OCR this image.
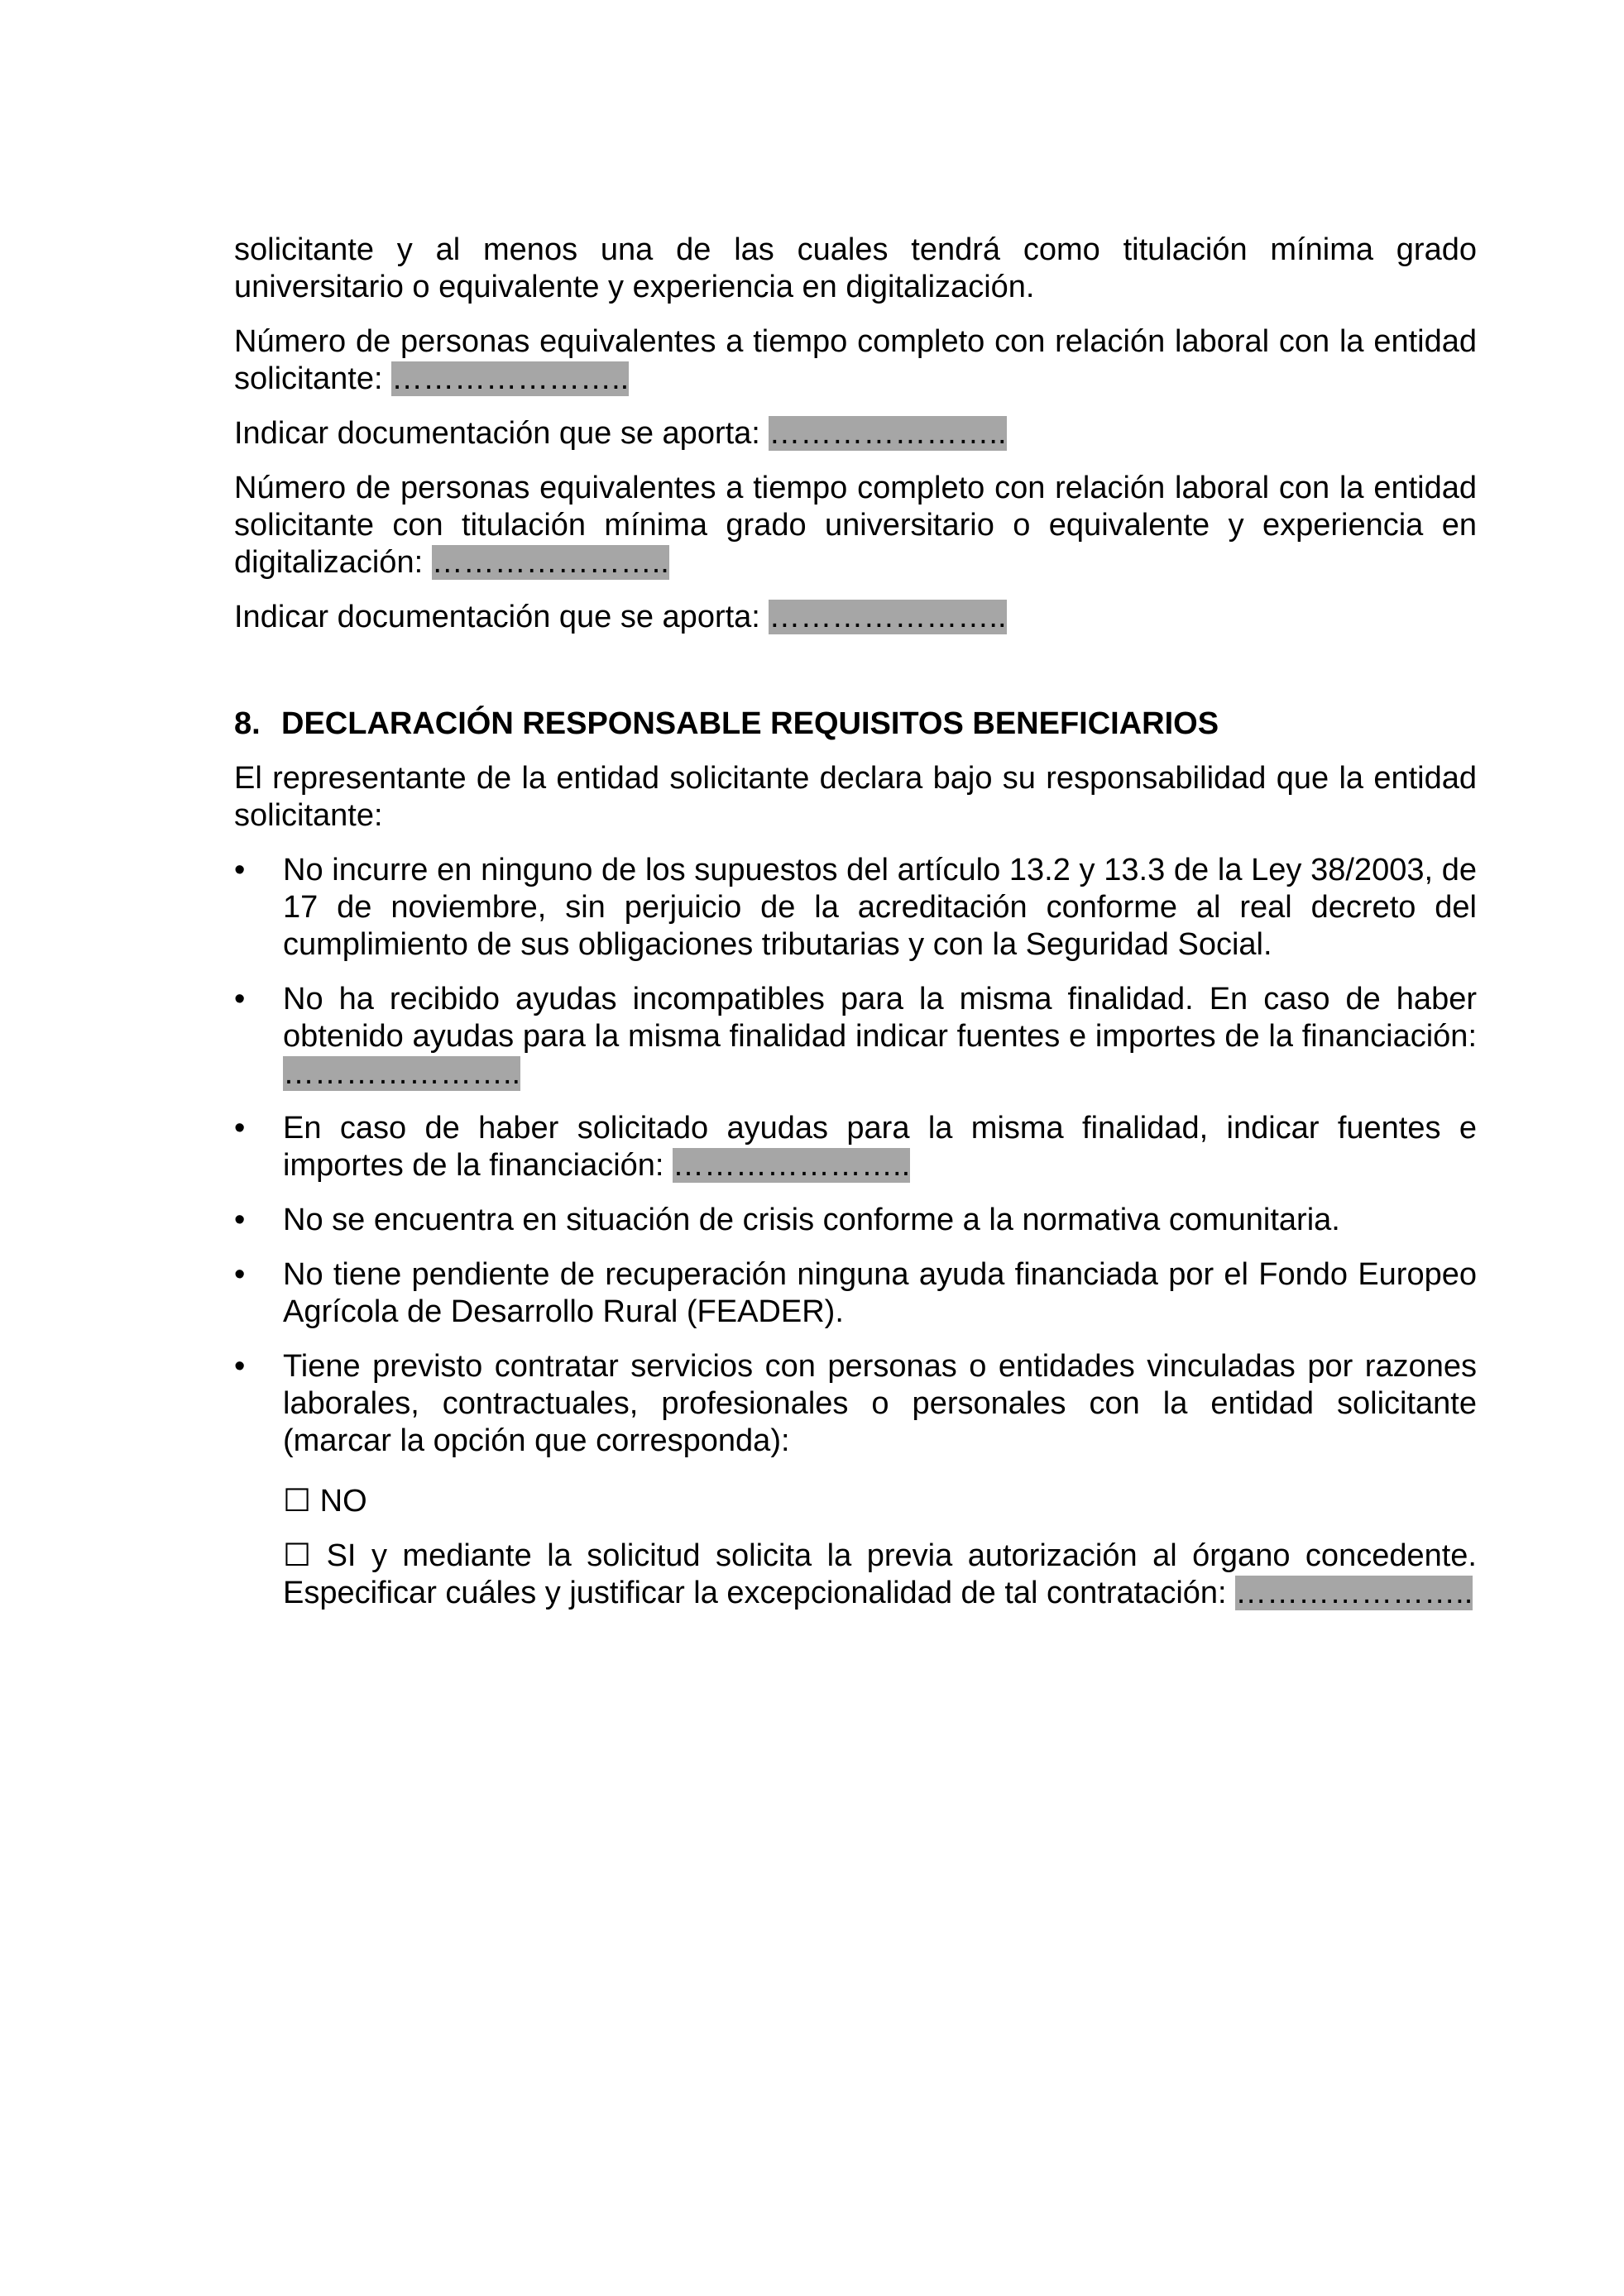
solicitante y al menos una de las cuales tendrá como titulación mínima grado universitario o equivalente y experiencia en digitalización.

Número de personas equivalentes a tiempo completo con relación laboral con la entidad solicitante: …………………..

Indicar documentación que se aporta: …………………..

Número de personas equivalentes a tiempo completo con relación laboral con la entidad solicitante con titulación mínima grado universitario o equivalente y experiencia en digitalización: …………………..

Indicar documentación que se aporta: …………………..

8. DECLARACIÓN RESPONSABLE REQUISITOS BENEFICIARIOS

El representante de la entidad solicitante declara bajo su responsabilidad que la entidad solicitante:

•	No incurre en ninguno de los supuestos del artículo 13.2 y 13.3 de la Ley 38/2003, de 17 de noviembre, sin perjuicio de la acreditación conforme al real decreto del cumplimiento de sus obligaciones tributarias y con la Seguridad Social.
•	No ha recibido ayudas incompatibles para la misma finalidad. En caso de haber obtenido ayudas para la misma finalidad indicar fuentes e importes de la financiación: …………………..
•	En caso de haber solicitado ayudas para la misma finalidad, indicar fuentes e importes de la financiación: …………………..
•	No se encuentra en situación de crisis conforme a la normativa comunitaria.
•	No tiene pendiente de recuperación ninguna ayuda financiada por el Fondo Europeo Agrícola de Desarrollo Rural (FEADER).
•	Tiene previsto contratar servicios con personas o entidades vinculadas por razones laborales, contractuales, profesionales o personales con la entidad solicitante (marcar la opción que corresponda):
☐ NO
☐ SI y mediante la solicitud solicita la previa autorización al órgano concedente. Especificar cuáles y justificar la excepcionalidad de tal contratación: …………………..
